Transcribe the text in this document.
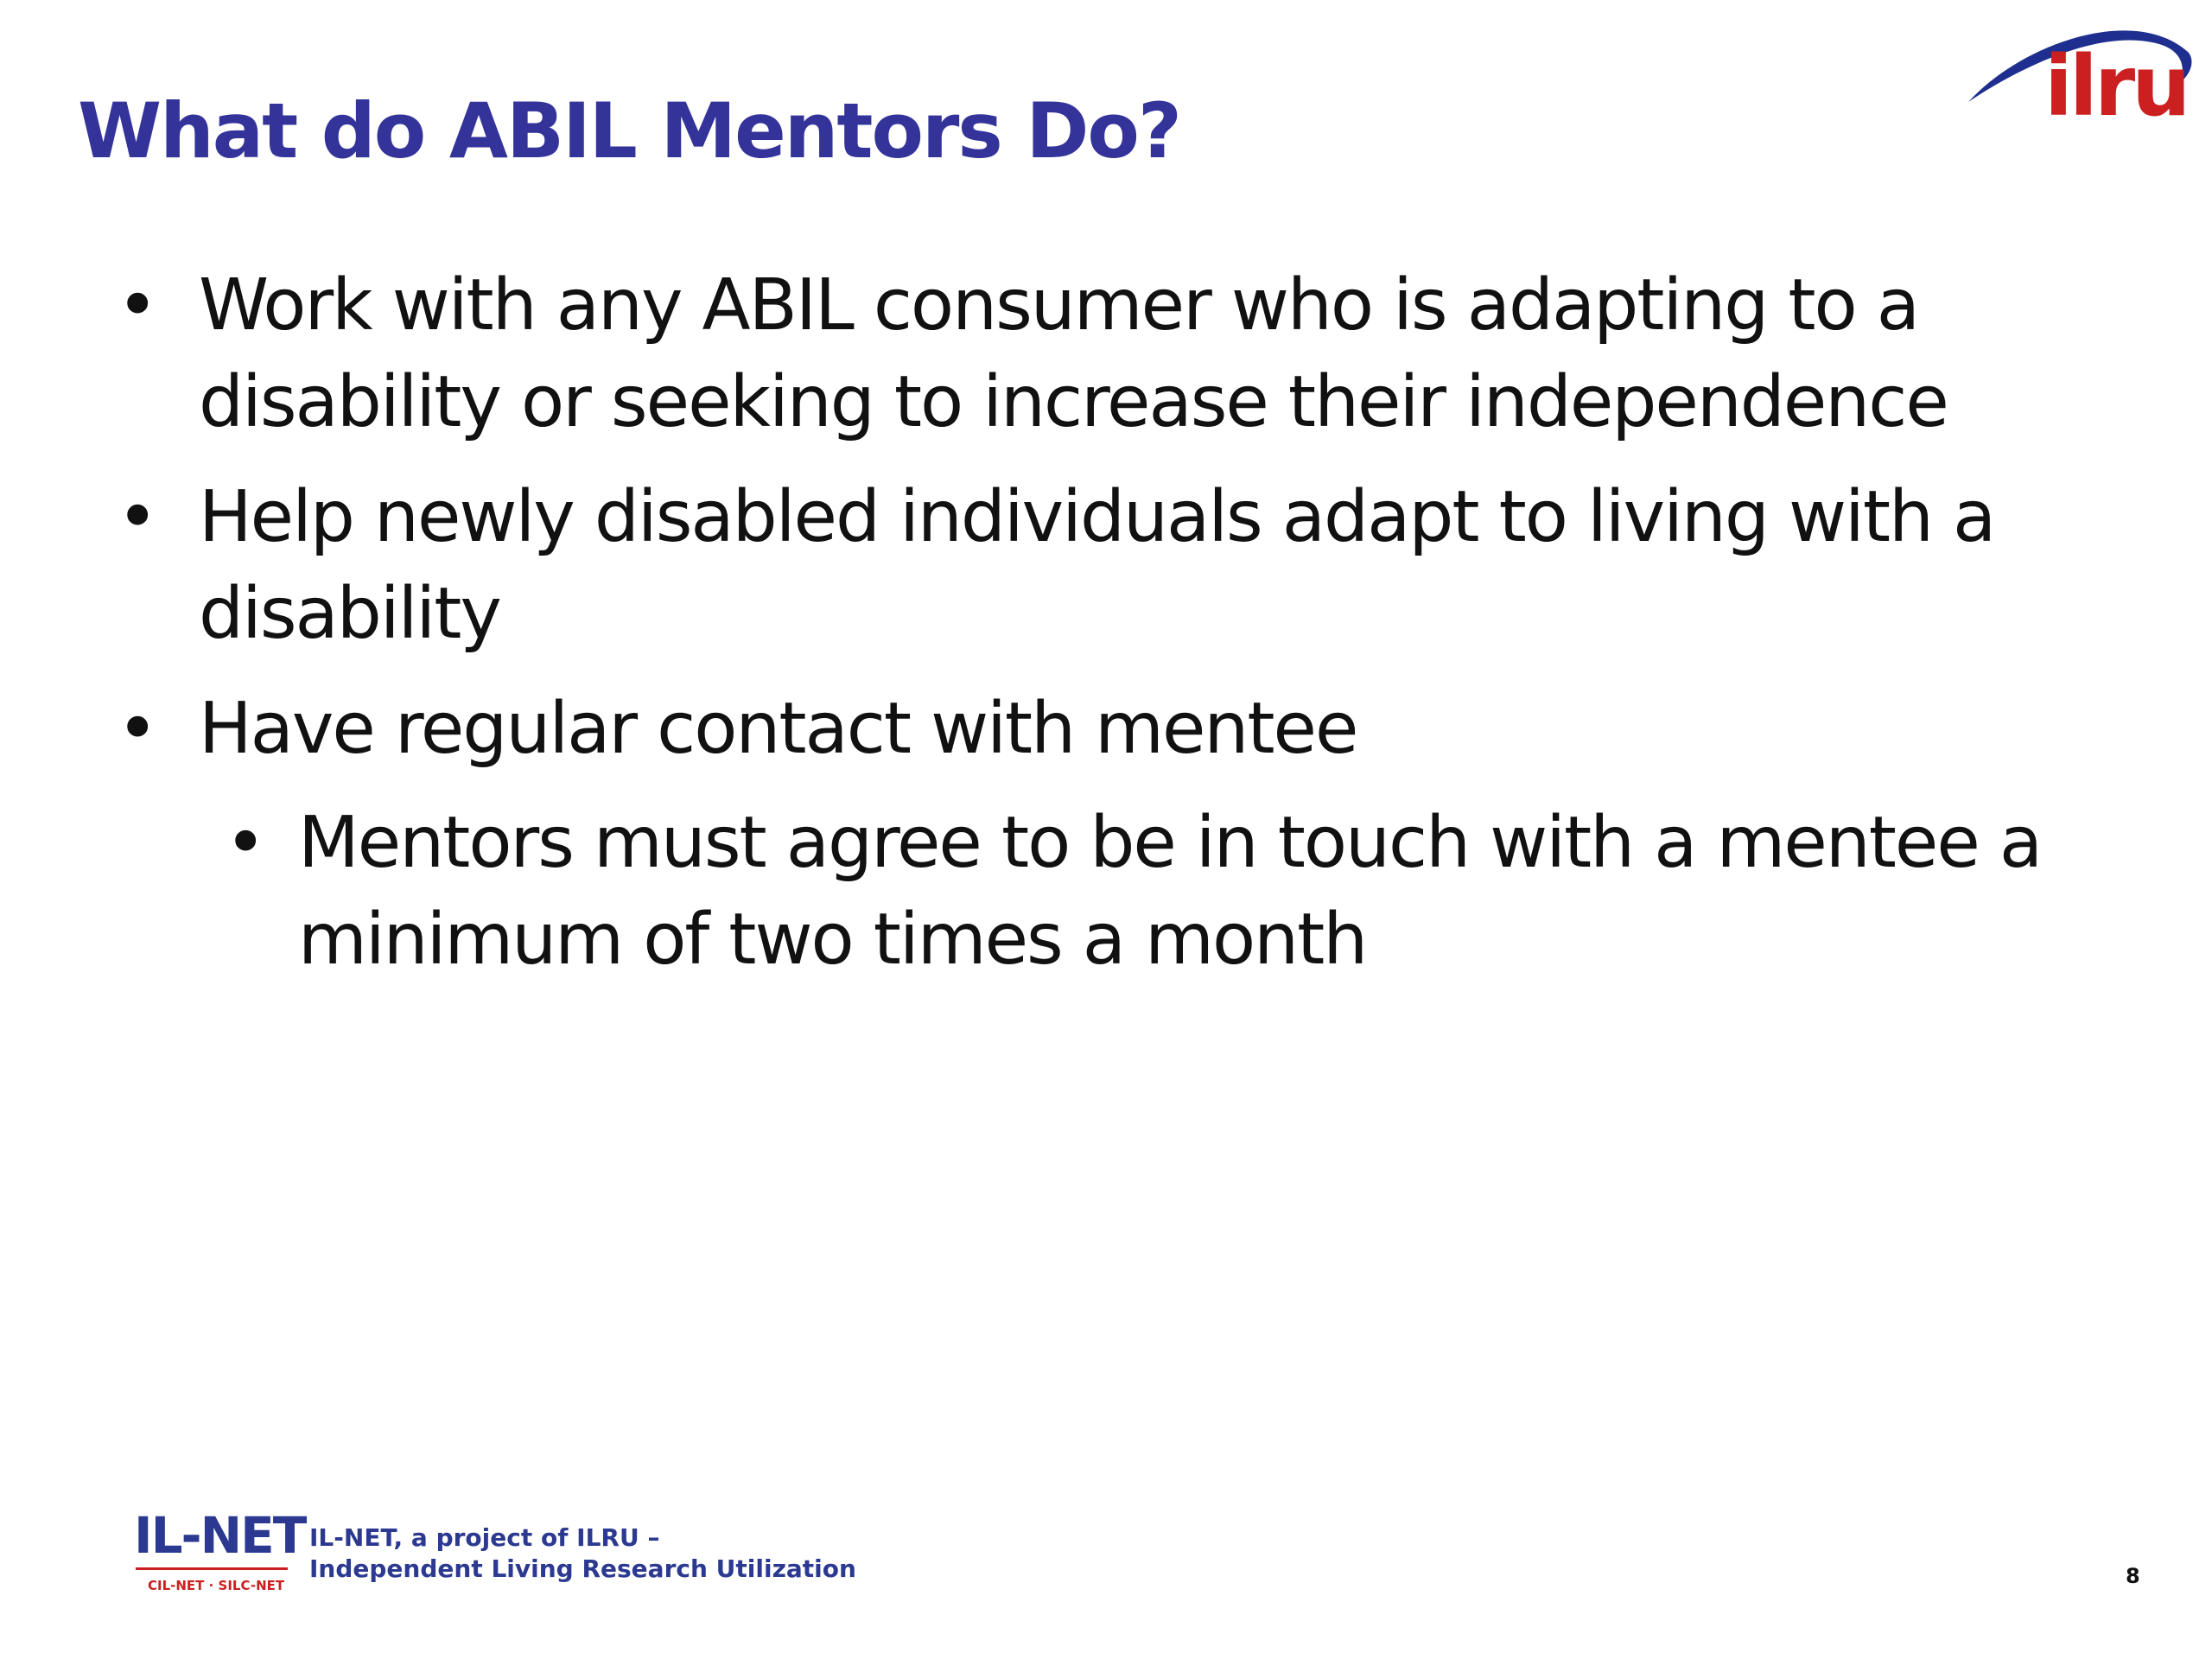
What do ABIL Mentors Do?	ilru
• Work with any ABIL consumer who is adapting to a disability or seeking to increase their independence
• Help newly disabled individuals adapt to living with a disability
• Have regular contact with mentee
• Mentors must agree to be in touch with a mentee a minimum of two times a month
IL-NET
CIL-NET · SILC-NET
IL-NET, a project of ILRU –
Independent Living Research Utilization	8
